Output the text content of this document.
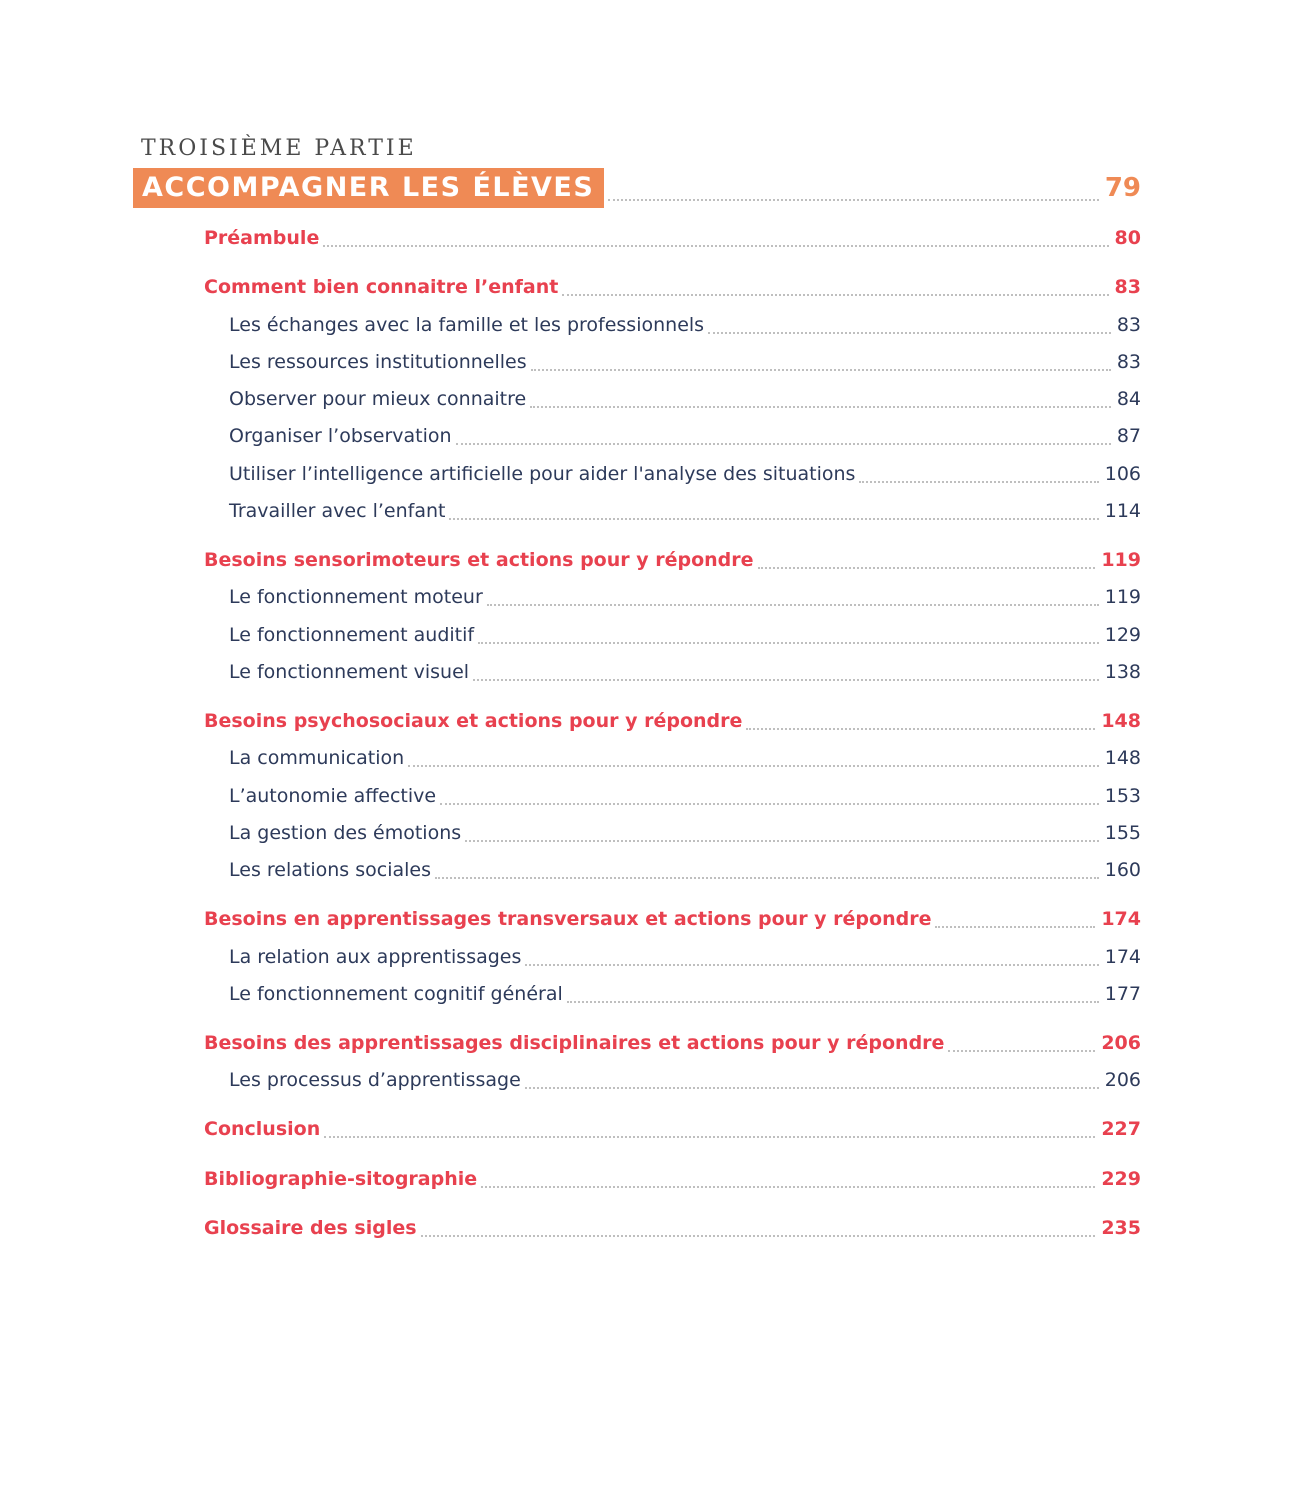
TROISIÈME PARTIE
ACCOMPAGNER LES ÉLÈVES	79
Préambule	80
Comment bien connaitre l’enfant	83
Les échanges avec la famille et les professionnels	83
Les ressources institutionnelles	83
Observer pour mieux connaitre	84
Organiser l’observation	87
Utiliser l’intelligence artificielle pour aider l'analyse des situations	106
Travailler avec l’enfant	114
Besoins sensorimoteurs et actions pour y répondre	119
Le fonctionnement moteur	119
Le fonctionnement auditif	129
Le fonctionnement visuel	138
Besoins psychosociaux et actions pour y répondre	148
La communication	148
L’autonomie affective	153
La gestion des émotions	155
Les relations sociales	160
Besoins en apprentissages transversaux et actions pour y répondre	174
La relation aux apprentissages	174
Le fonctionnement cognitif général	177
Besoins des apprentissages disciplinaires et actions pour y répondre	206
Les processus d’apprentissage	206
Conclusion	227
Bibliographie-sitographie	229
Glossaire des sigles	235
